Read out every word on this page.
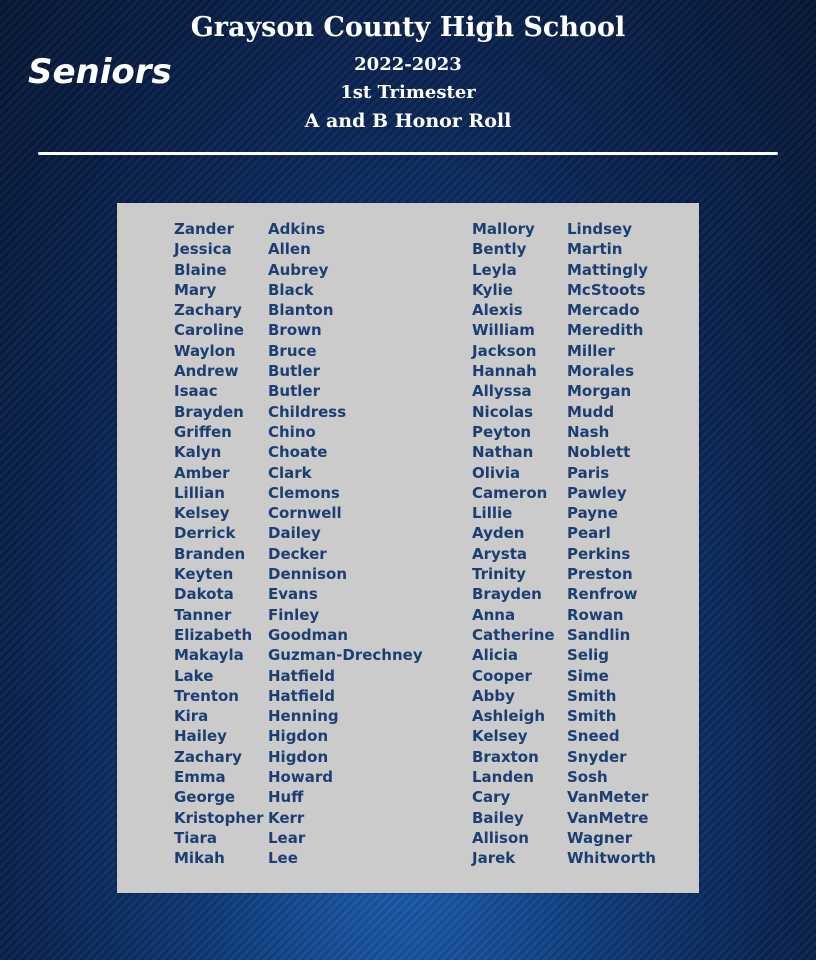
Grayson County High School
2022-2023
1st Trimester
A and B Honor Roll
Seniors
Zander
Jessica
Blaine
Mary
Zachary
Caroline
Waylon
Andrew
Isaac
Brayden
Griffen
Kalyn
Amber
Lillian
Kelsey
Derrick
Branden
Keyten
Dakota
Tanner
Elizabeth
Makayla
Lake
Trenton
Kira
Hailey
Zachary
Emma
George
Kristopher
Tiara
Mikah
Adkins
Allen
Aubrey
Black
Blanton
Brown
Bruce
Butler
Butler
Childress
Chino
Choate
Clark
Clemons
Cornwell
Dailey
Decker
Dennison
Evans
Finley
Goodman
Guzman-Drechney
Hatfield
Hatfield
Henning
Higdon
Higdon
Howard
Huff
Kerr
Lear
Lee
Mallory
Bently
Leyla
Kylie
Alexis
William
Jackson
Hannah
Allyssa
Nicolas
Peyton
Nathan
Olivia
Cameron
Lillie
Ayden
Arysta
Trinity
Brayden
Anna
Catherine
Alicia
Cooper
Abby
Ashleigh
Kelsey
Braxton
Landen
Cary
Bailey
Allison
Jarek
Lindsey
Martin
Mattingly
McStoots
Mercado
Meredith
Miller
Morales
Morgan
Mudd
Nash
Noblett
Paris
Pawley
Payne
Pearl
Perkins
Preston
Renfrow
Rowan
Sandlin
Selig
Sime
Smith
Smith
Sneed
Snyder
Sosh
VanMeter
VanMetre
Wagner
Whitworth
